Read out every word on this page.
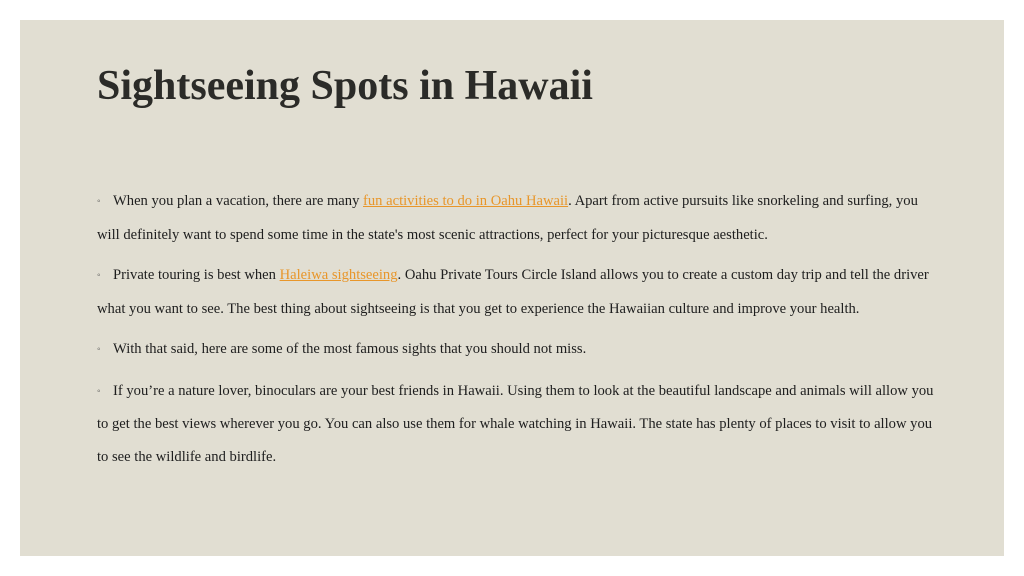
Sightseeing Spots in Hawaii
◦ When you plan a vacation, there are many fun activities to do in Oahu Hawaii. Apart from active pursuits like snorkeling and surfing, you will definitely want to spend some time in the state's most scenic attractions, perfect for your picturesque aesthetic.
◦ Private touring is best when Haleiwa sightseeing. Oahu Private Tours Circle Island allows you to create a custom day trip and tell the driver what you want to see. The best thing about sightseeing is that you get to experience the Hawaiian culture and improve your health.
◦ With that said, here are some of the most famous sights that you should not miss.
◦ If you’re a nature lover, binoculars are your best friends in Hawaii. Using them to look at the beautiful landscape and animals will allow you to get the best views wherever you go. You can also use them for whale watching in Hawaii. The state has plenty of places to visit to allow you to see the wildlife and birdlife.
